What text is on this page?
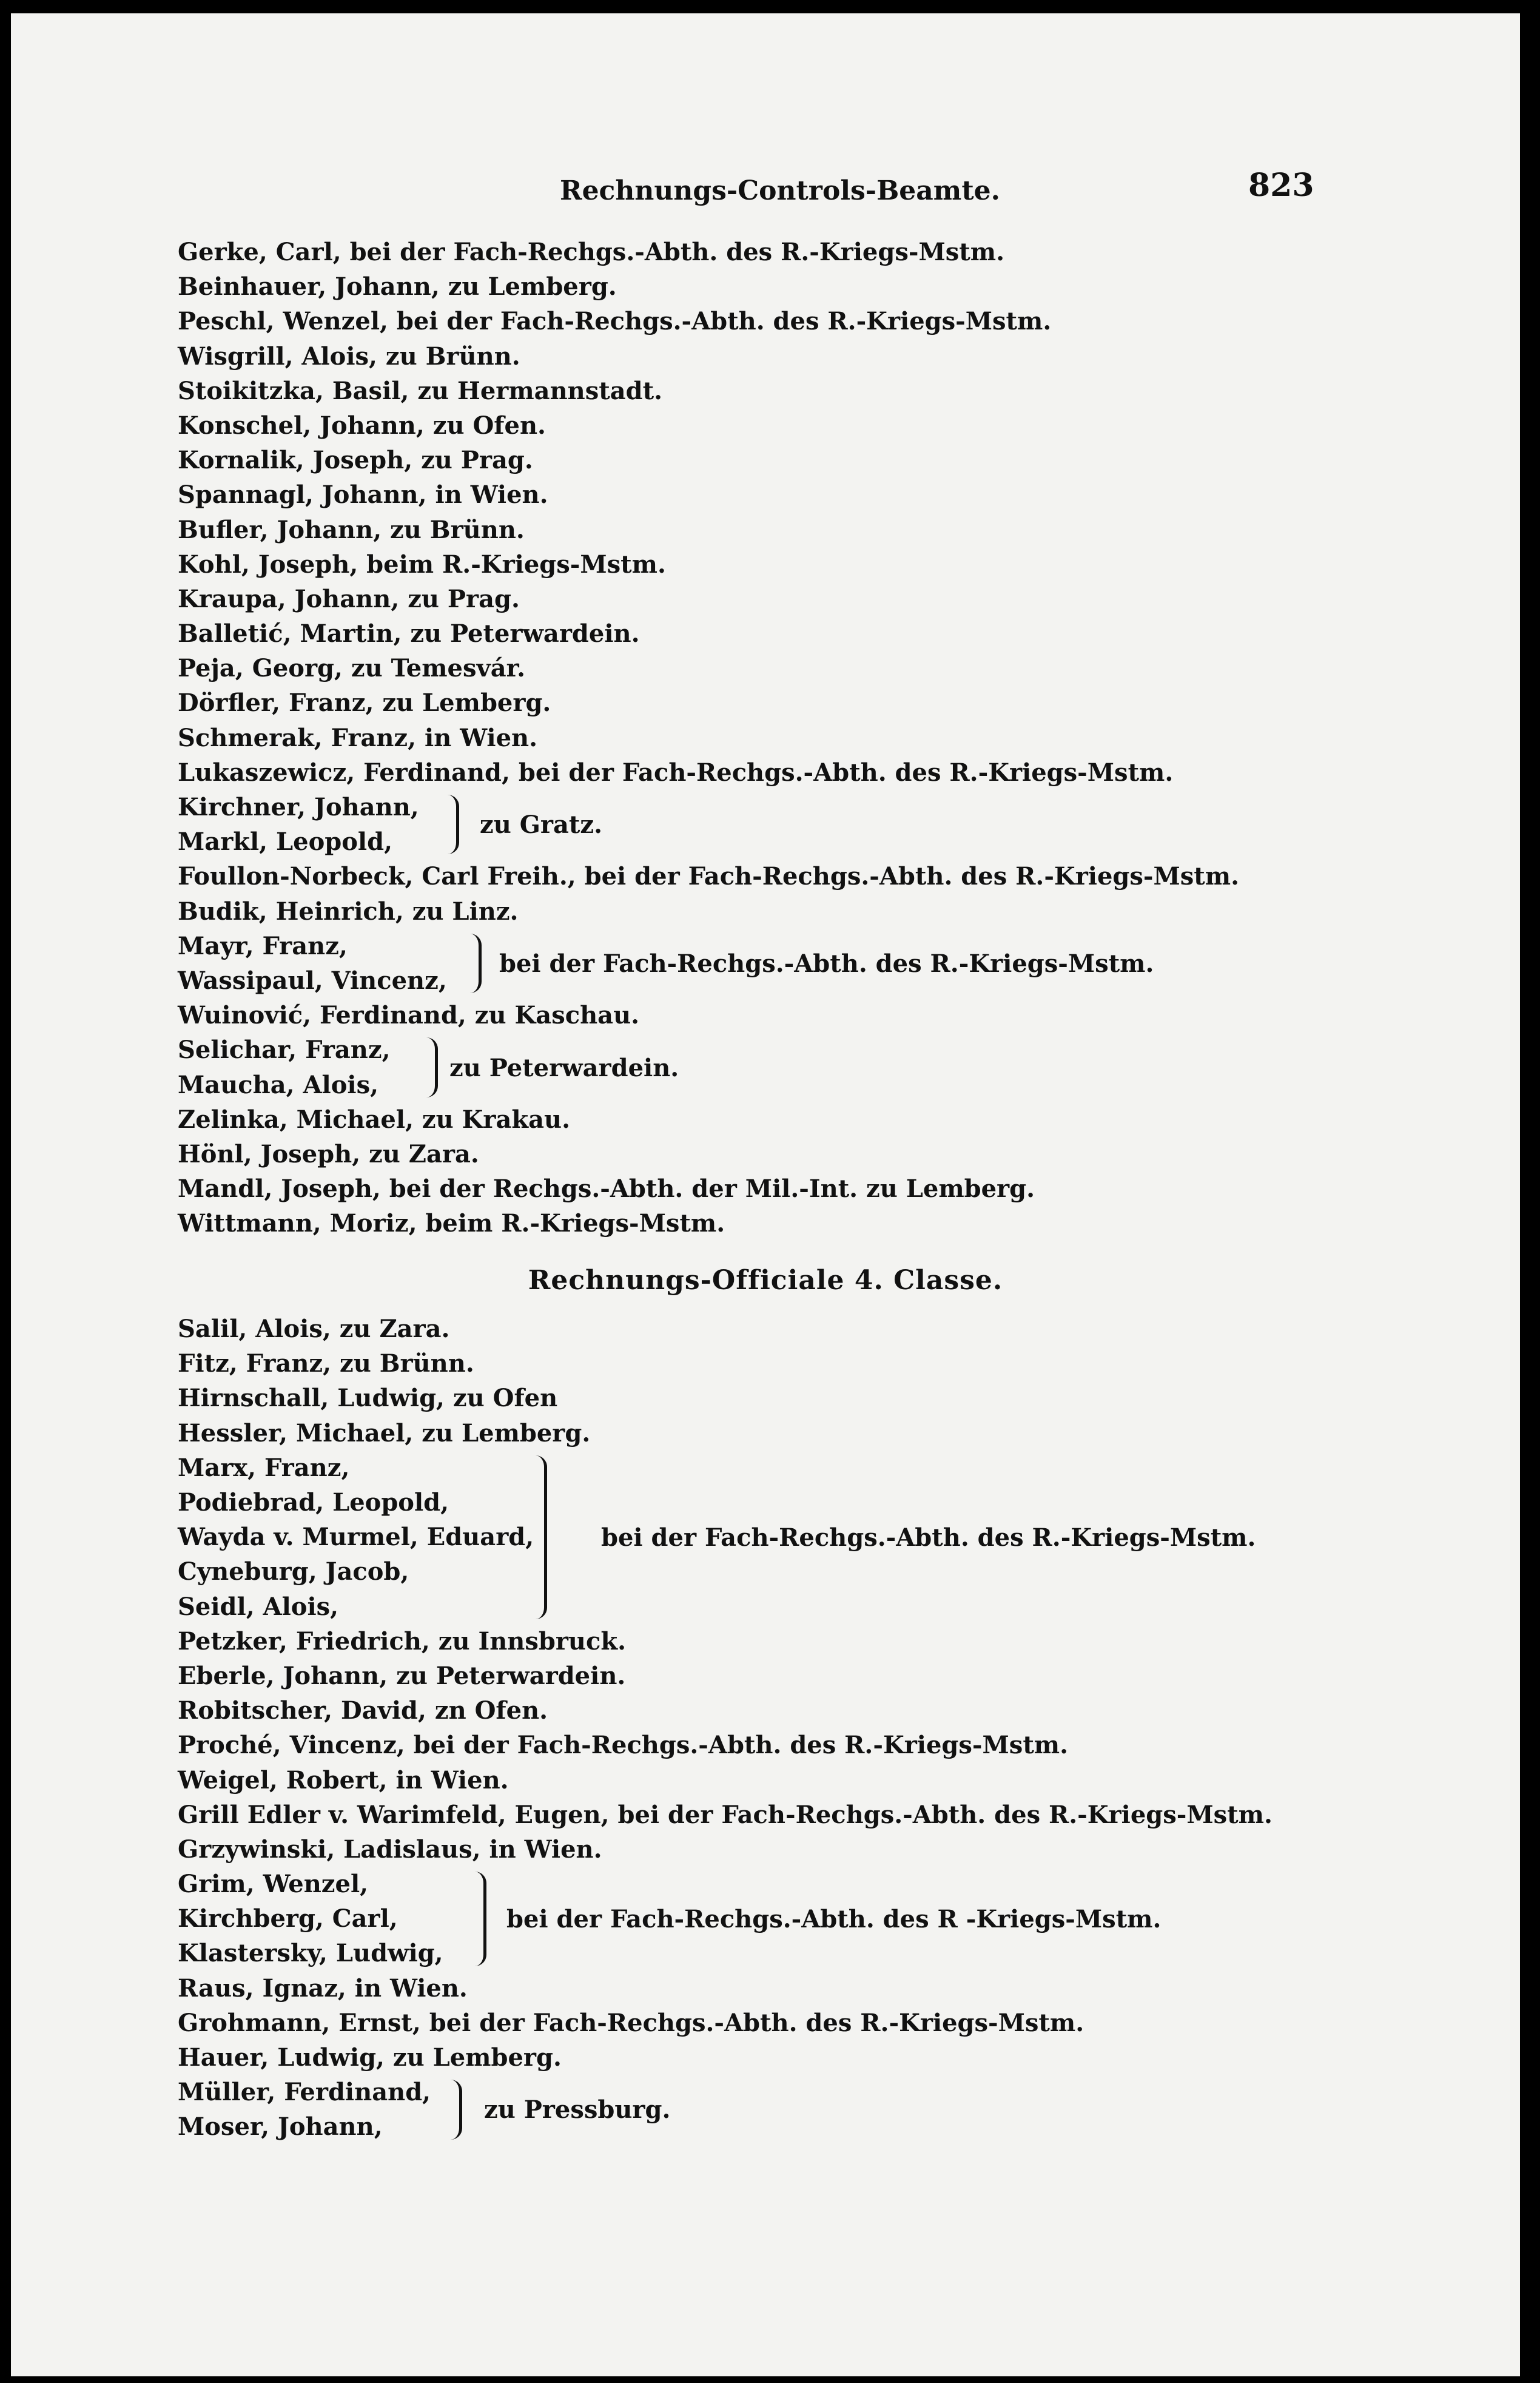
Rechnungs-Controls-Beamte.	823
Gerke, Carl, bei der Fach-Rechgs.-Abth. des R.-Kriegs-Mstm.
Beinhauer, Johann, zu Lemberg.
Peschl, Wenzel, bei der Fach-Rechgs.-Abth. des R.-Kriegs-Mstm.
Wisgrill, Alois, zu Brünn.
Stoikitzka, Basil, zu Hermannstadt.
Konschel, Johann, zu Ofen.
Kornalik, Joseph, zu Prag.
Spannagl, Johann, in Wien.
Bufler, Johann, zu Brünn.
Kohl, Joseph, beim R.-Kriegs-Mstm.
Kraupa, Johann, zu Prag.
Balletić, Martin, zu Peterwardein.
Peja, Georg, zu Temesvár.
Dörfler, Franz, zu Lemberg.
Schmerak, Franz, in Wien.
Lukaszewicz, Ferdinand, bei der Fach-Rechgs.-Abth. des R.-Kriegs-Mstm.
Kirchner, Johann,
Markl, Leopold,
zu Gratz.
Foullon-Norbeck, Carl Freih., bei der Fach-Rechgs.-Abth. des R.-Kriegs-Mstm.
Budik, Heinrich, zu Linz.
Mayr, Franz,
Wassipaul, Vincenz,
bei der Fach-Rechgs.-Abth. des R.-Kriegs-Mstm.
Wuinović, Ferdinand, zu Kaschau.
Selichar, Franz,
Maucha, Alois,
zu Peterwardein.
Zelinka, Michael, zu Krakau.
Hönl, Joseph, zu Zara.
Mandl, Joseph, bei der Rechgs.-Abth. der Mil.-Int. zu Lemberg.
Wittmann, Moriz, beim R.-Kriegs-Mstm.
Rechnungs-Officiale 4. Classe.
Salil, Alois, zu Zara.
Fitz, Franz, zu Brünn.
Hirnschall, Ludwig, zu Ofen
Hessler, Michael, zu Lemberg.
Marx, Franz,
Podiebrad, Leopold,
Wayda v. Murmel, Eduard,
Cyneburg, Jacob,
Seidl, Alois,
bei der Fach-Rechgs.-Abth. des R.-Kriegs-Mstm.
Petzker, Friedrich, zu Innsbruck.
Eberle, Johann, zu Peterwardein.
Robitscher, David, zn Ofen.
Proché, Vincenz, bei der Fach-Rechgs.-Abth. des R.-Kriegs-Mstm.
Weigel, Robert, in Wien.
Grill Edler v. Warimfeld, Eugen, bei der Fach-Rechgs.-Abth. des R.-Kriegs-Mstm.
Grzywinski, Ladislaus, in Wien.
Grim, Wenzel,
Kirchberg, Carl,
Klastersky, Ludwig,
bei der Fach-Rechgs.-Abth. des R -Kriegs-Mstm.
Raus, Ignaz, in Wien.
Grohmann, Ernst, bei der Fach-Rechgs.-Abth. des R.-Kriegs-Mstm.
Hauer, Ludwig, zu Lemberg.
Müller, Ferdinand,
Moser, Johann,
zu Pressburg.
